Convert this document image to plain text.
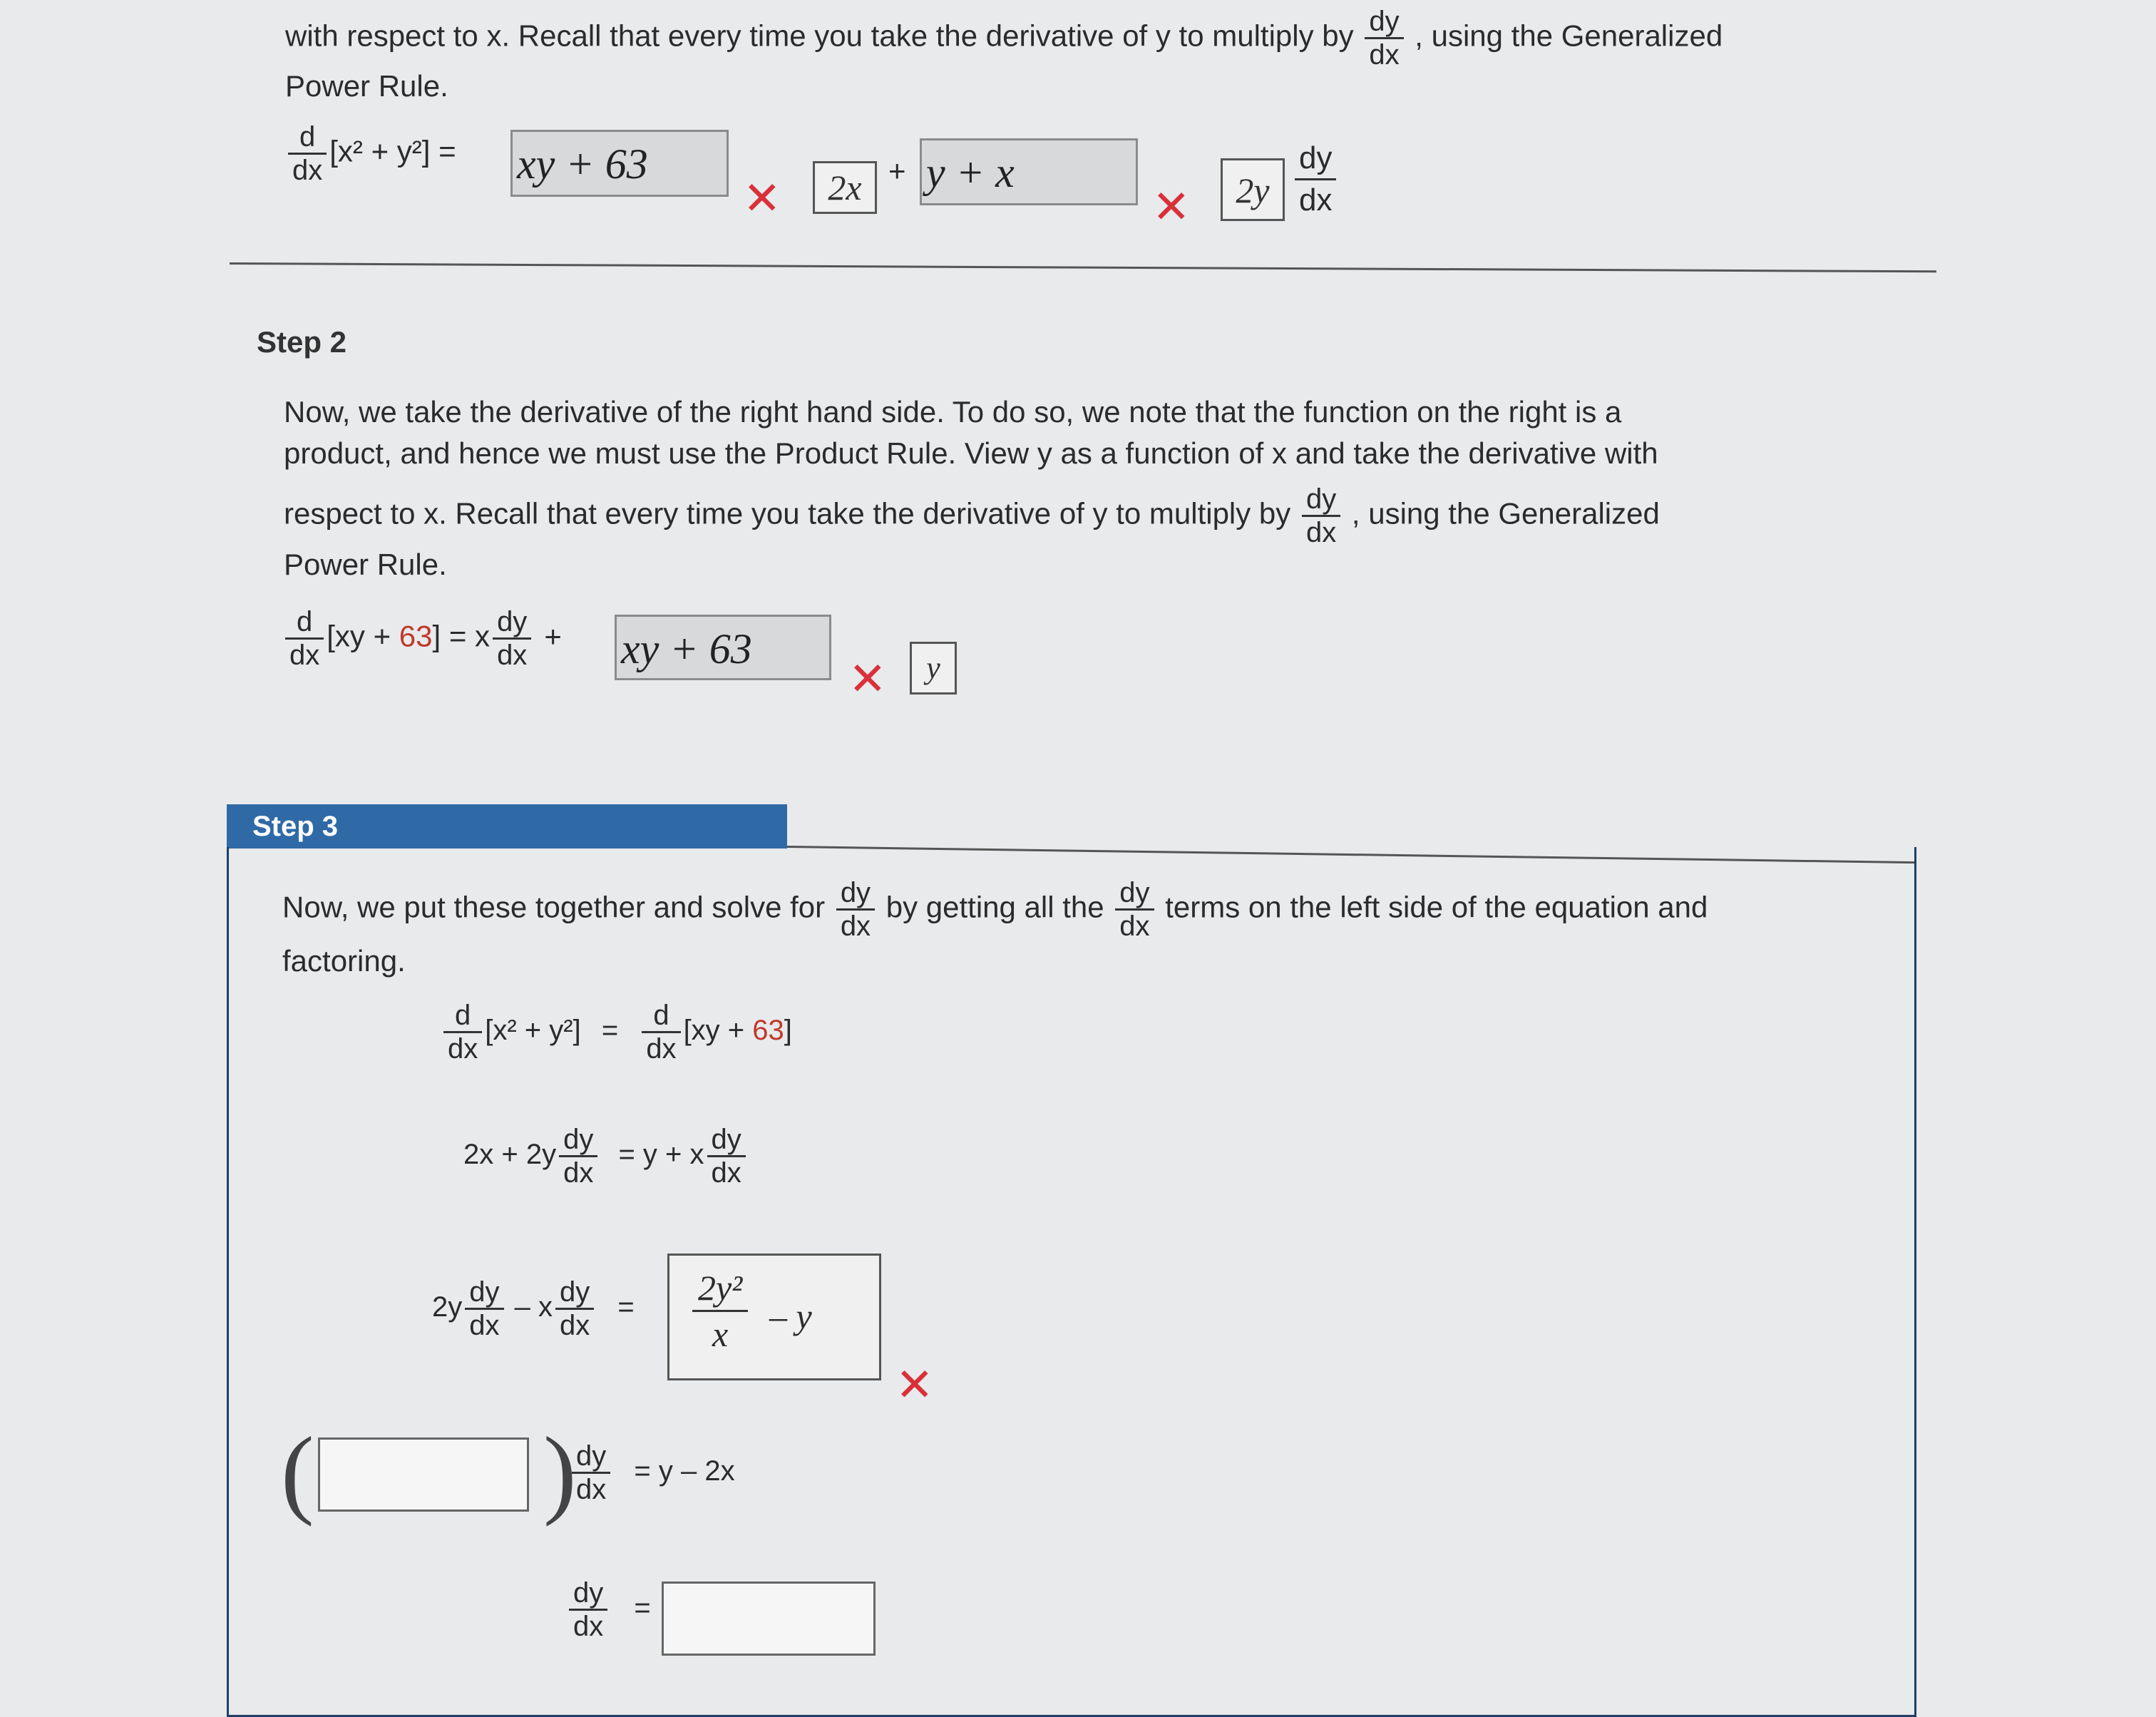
with respect to x. Recall that every time you take the derivative of y to multiply by $\frac{dy}{dx}$ , using the Generalized
Power Rule.
$\frac{d}{dx} [x^2 + y^2]$ = xy + 63
✕	2x + y + x
✕	$2y \frac{dy}{dx}$
Step 2
Now, we take the derivative of the right hand side. To do so, we note that the function on the right is a
product, and hence we must use the Product Rule. View y as a function of x and take the derivative with
respect to x. Recall that every time you take the derivative of y to multiply by $\frac{dy}{dx}$ , using the Generalized
Power Rule.
$\frac{d}{dx} [xy + 63] = x \frac{dy}{dx}$ + xy + 63
✕	y
Step 3
Now, we put these together and solve for $\frac{dy}{dx}$ by getting all the $\frac{dy}{dx}$ terms on the left side of the equation and
factoring.
$\frac{d}{dx} [x^2 + y^2] = \frac{d}{dx} [xy + 63]$
$2x + 2y \frac{dy}{dx} = y + x \frac{dy}{dx}$
$2y \frac{dy}{dx} - x \frac{dy}{dx} = \frac{\text{2y²}}{x} - y$
✕
( )
$\frac{dy}{dx} = y - 2x$
$\frac{dy}{dx}$ =
